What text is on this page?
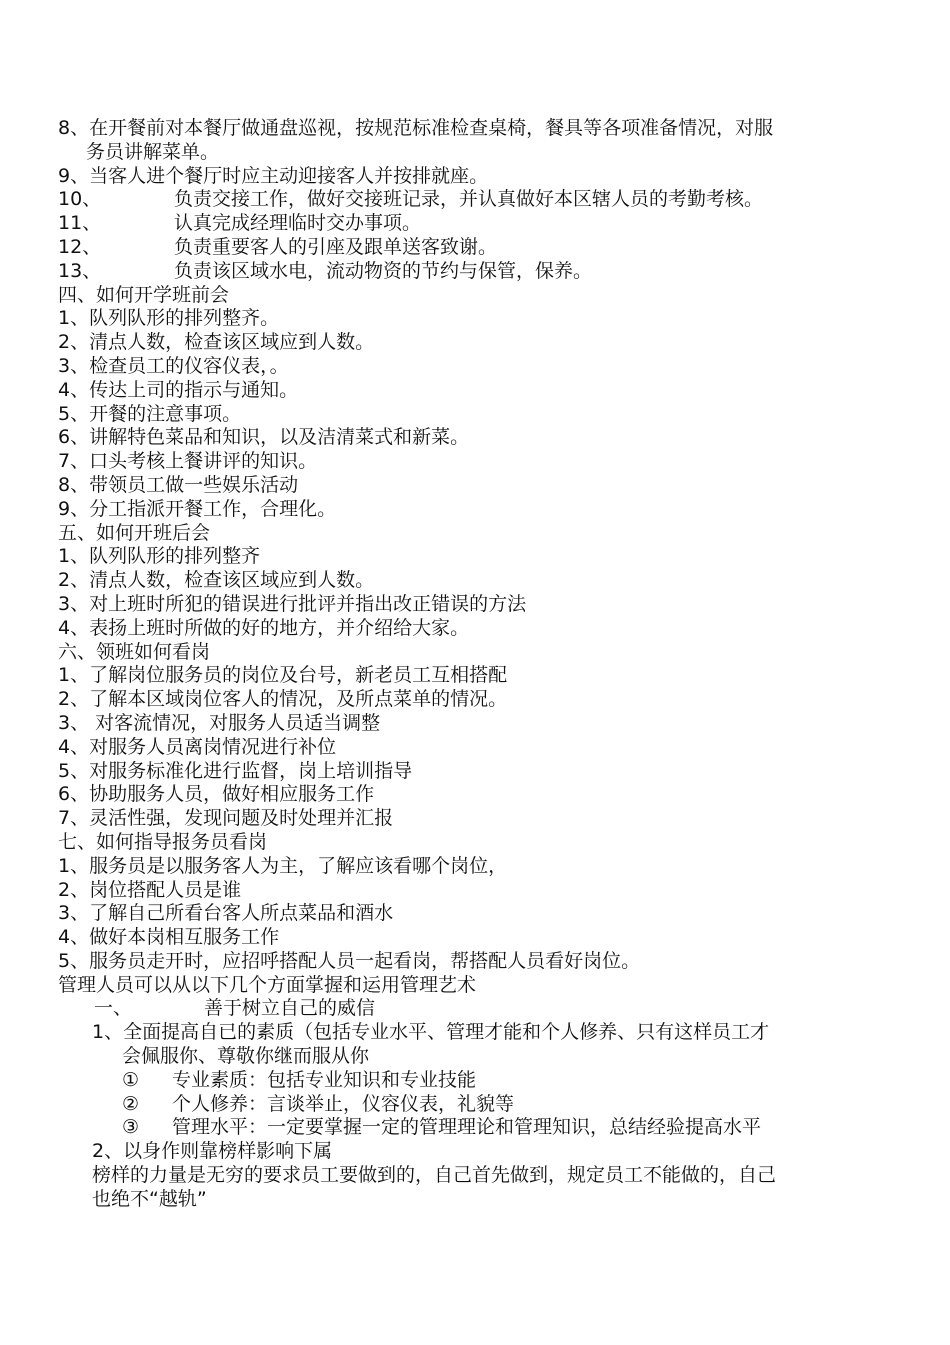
8、在开餐前对本餐厅做通盘巡视，按规范标准检查桌椅，餐具等各项准备情况，对服
务员讲解菜单。
9、当客人进个餐厅时应主动迎接客人并按排就座。
10、	负责交接工作，做好交接班记录，并认真做好本区辖人员的考勤考核。
11、	认真完成经理临时交办事项。
12、	负责重要客人的引座及跟单送客致谢。
13、	负责该区域水电，流动物资的节约与保管，保养。
四、如何开学班前会
1、队列队形的排列整齐。
2、清点人数，检查该区域应到人数。
3、检查员工的仪容仪表，。
4、传达上司的指示与通知。
5、开餐的注意事项。
6、讲解特色菜品和知识，以及洁清菜式和新菜。
7、口头考核上餐讲评的知识。
8、带领员工做一些娱乐活动
9、分工指派开餐工作，合理化。
五、如何开班后会
1、队列队形的排列整齐
2、清点人数，检查该区域应到人数。
3、对上班时所犯的错误进行批评并指出改正错误的方法
4、表扬上班时所做的好的地方，并介绍给大家。
六、领班如何看岗
1、了解岗位服务员的岗位及台号，新老员工互相搭配
2、了解本区域岗位客人的情况，及所点菜单的情况。
3、 对客流情况，对服务人员适当调整
4、对服务人员离岗情况进行补位
5、对服务标准化进行监督，岗上培训指导
6、协助服务人员，做好相应服务工作
7、灵活性强，发现问题及时处理并汇报
七、如何指导报务员看岗
1、服务员是以服务客人为主，了解应该看哪个岗位，
2、岗位搭配人员是谁
3、了解自己所看台客人所点菜品和酒水
4、做好本岗相互服务工作
5、服务员走开时，应招呼搭配人员一起看岗，帮搭配人员看好岗位。
管理人员可以从以下几个方面掌握和运用管理艺术
一、	善于树立自己的威信
1、全面提高自已的素质（包括专业水平、管理才能和个人修养、只有这样员工才
会佩服你、尊敬你继而服从你
① 专业素质：包括专业知识和专业技能
② 个人修养：言谈举止，仪容仪表，礼貌等
③ 管理水平：一定要掌握一定的管理理论和管理知识，总结经验提高水平
2、以身作则靠榜样影响下属
榜样的力量是无穷的要求员工要做到的，自己首先做到，规定员工不能做的，自己
也绝不“越轨”
